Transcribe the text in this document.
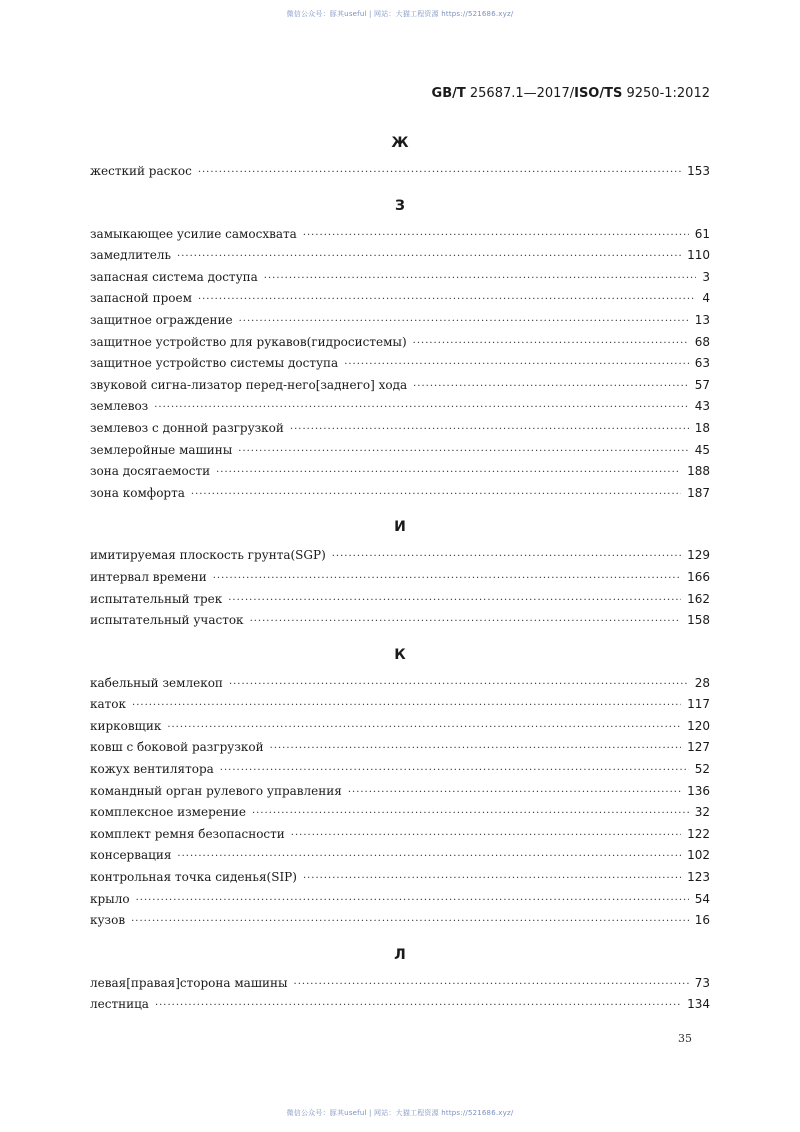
微信公众号：豚其useful | 网站：大猫工程资源 https://521686.xyz/
GB/T 25687.1—2017/ISO/TS 9250-1:2012
Ж
жесткий раскос ·····	153
З
замыкающее усилие самосхвата ·····	61
замедлитель ·····	110
запасная система доступа ·····	3
запасной проем ·····	4
защитное ограждение ·····	13
защитное устройство для рукавов(гидросистемы) ·····	68
защитное устройство системы доступа ·····	63
звуковой сигна-лизатор перед-него[заднего] хода ·····	57
землевоз ·····	43
землевоз с донной разгрузкой ·····	18
землеройные машины ·····	45
зона досягаемости ·····	188
зона комфорта ·····	187
И
имитируемая плоскость грунта(SGP) ·····	129
интервал времени ·····	166
испытательный трек ·····	162
испытательный участок ·····	158
К
кабельный землекоп ·····	28
каток ·····	117
кирковщик ·····	120
ковш с боковой разгрузкой ·····	127
кожух вентилятора ·····	52
командный орган рулевого управления ·····	136
комплексное измерение ·····	32
комплект ремня безопасности ·····	122
консервация ·····	102
контрольная точка сиденья(SIP) ·····	123
крыло ·····	54
кузов ·····	16
Л
левая[правая]сторона машины ·····	73
лестница ·····	134
35
微信公众号：豚其useful | 网站：大猫工程资源 https://521686.xyz/
